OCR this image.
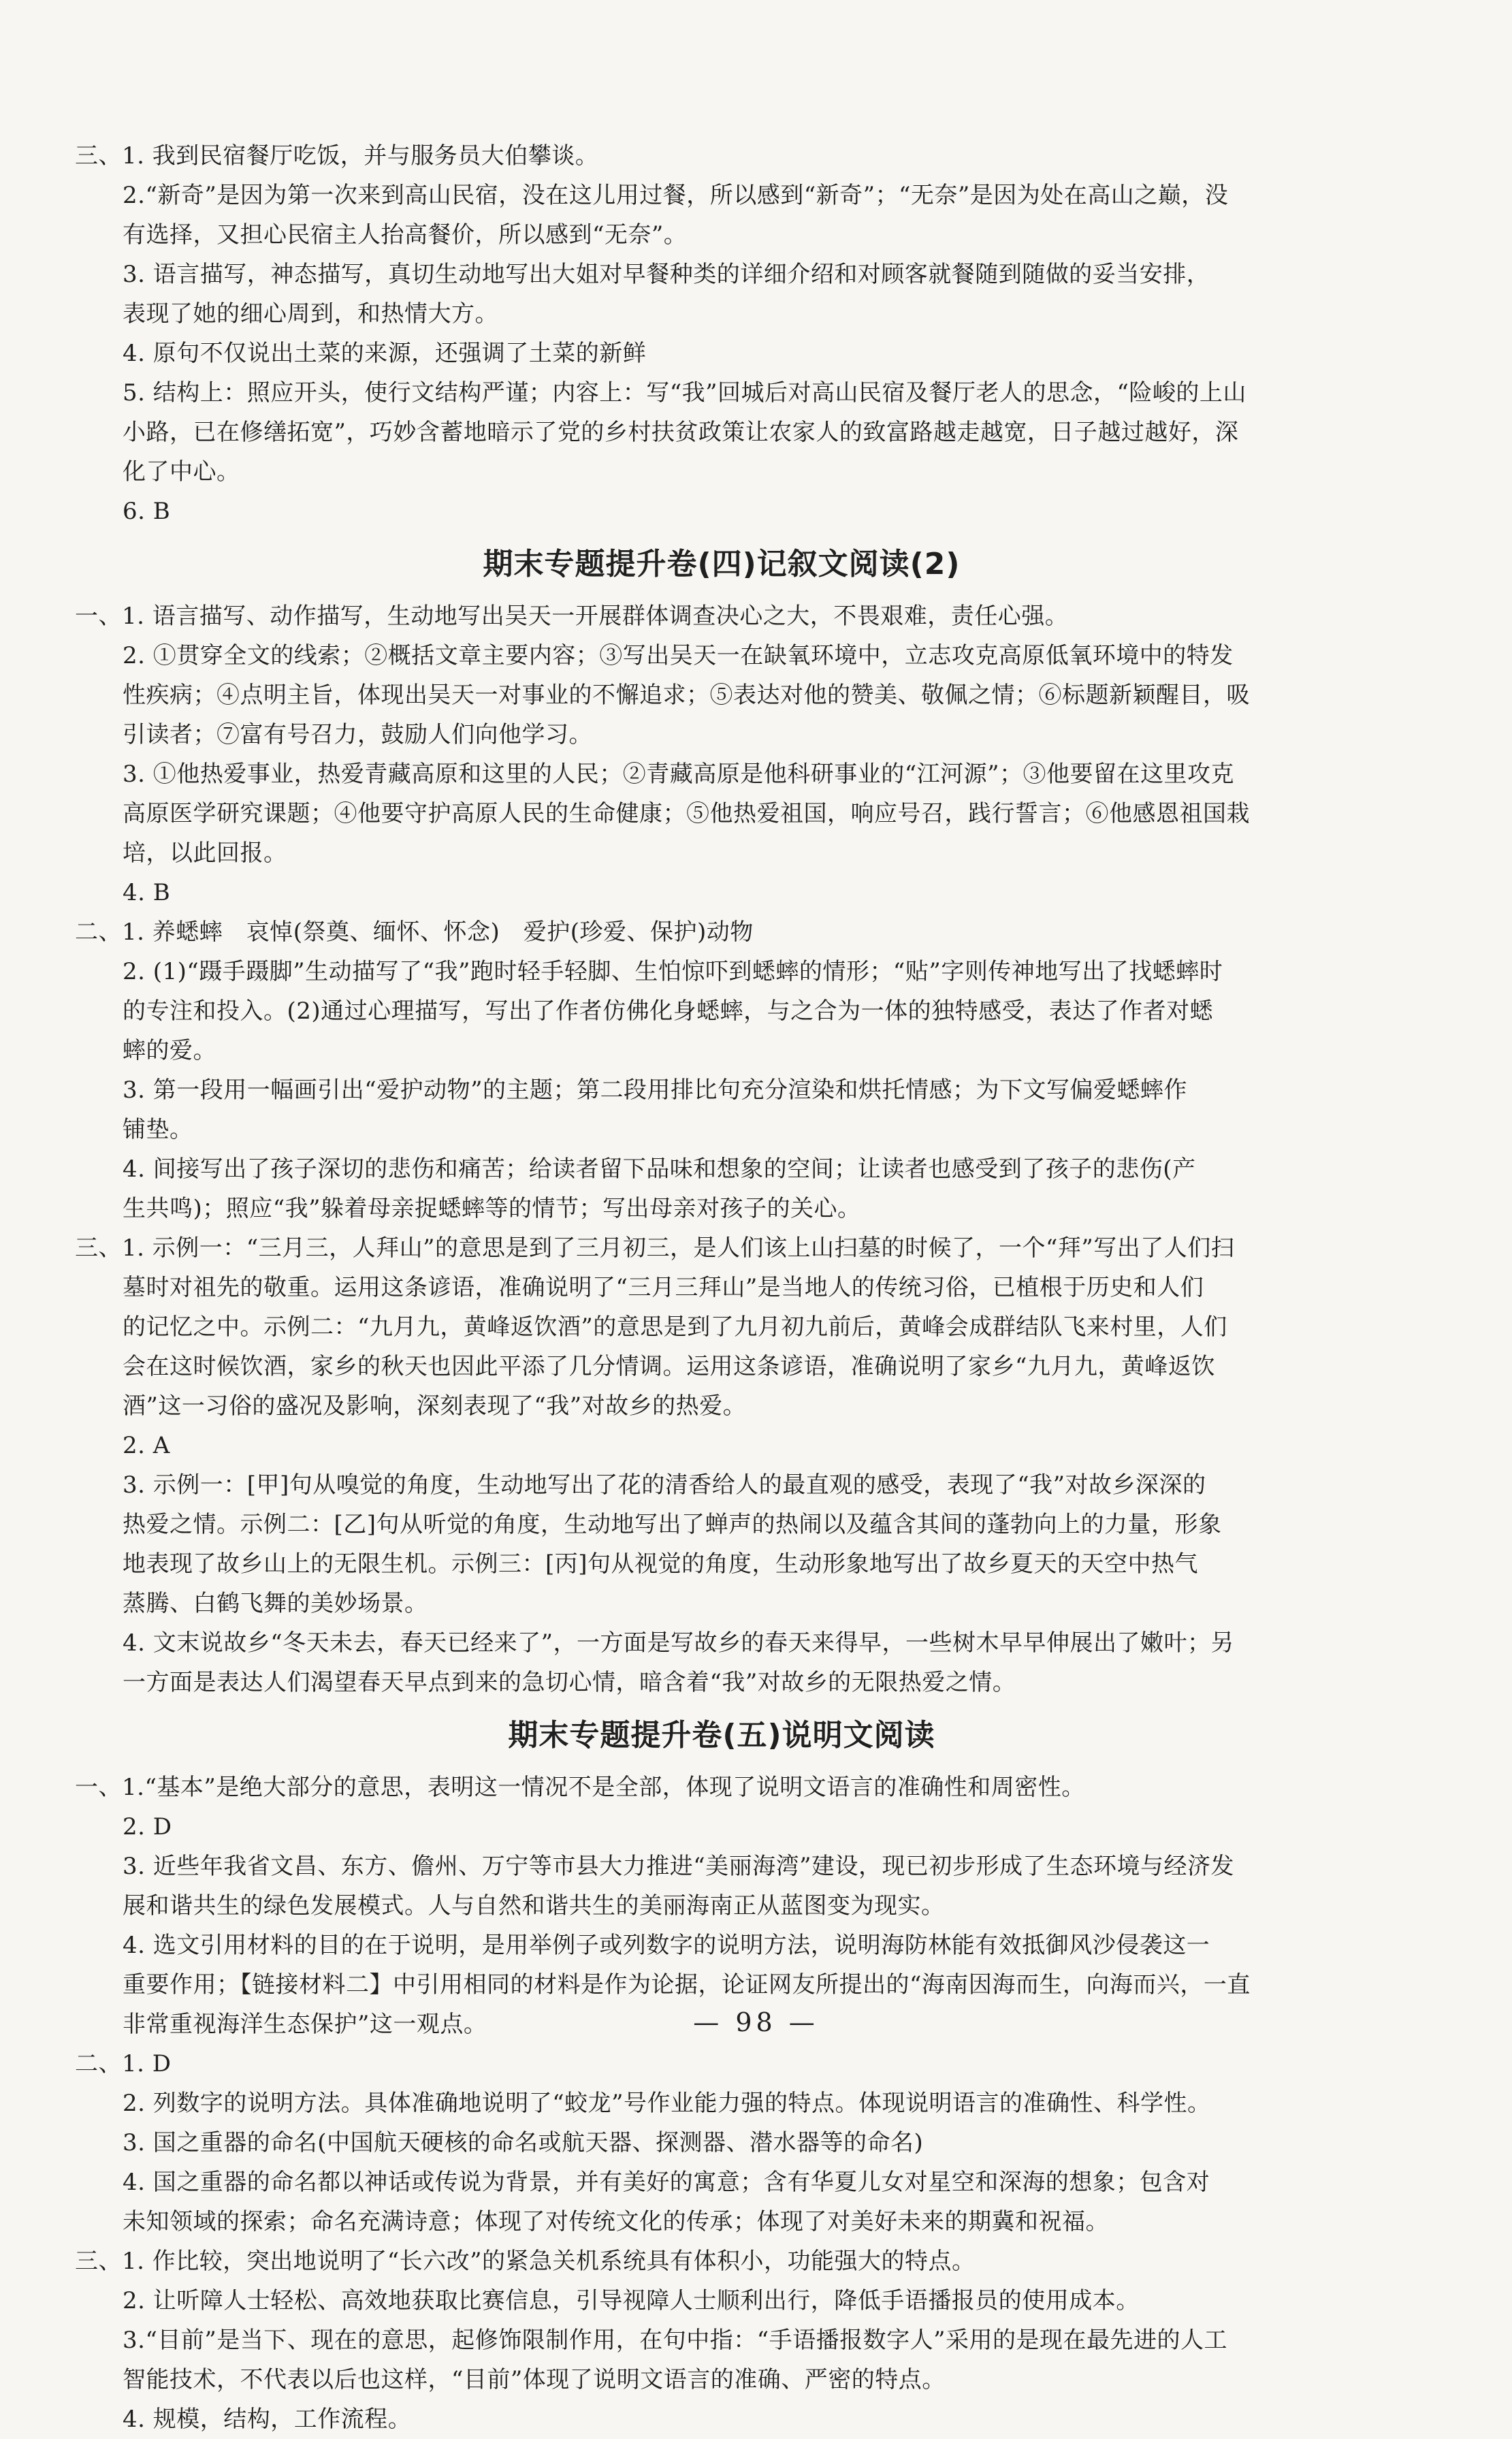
三、1. 我到民宿餐厅吃饭，并与服务员大伯攀谈。
2.“新奇”是因为第一次来到高山民宿，没在这儿用过餐，所以感到“新奇”；“无奈”是因为处在高山之巅，没
有选择，又担心民宿主人抬高餐价，所以感到“无奈”。
3. 语言描写，神态描写，真切生动地写出大姐对早餐种类的详细介绍和对顾客就餐随到随做的妥当安排，
表现了她的细心周到，和热情大方。
4. 原句不仅说出土菜的来源，还强调了土菜的新鲜
5. 结构上：照应开头，使行文结构严谨；内容上：写“我”回城后对高山民宿及餐厅老人的思念，“险峻的上山
小路，已在修缮拓宽”，巧妙含蓄地暗示了党的乡村扶贫政策让农家人的致富路越走越宽，日子越过越好，深
化了中心。
6. B
期末专题提升卷(四)记叙文阅读(2)
一、1. 语言描写、动作描写，生动地写出吴天一开展群体调查决心之大，不畏艰难，责任心强。
2. ①贯穿全文的线索；②概括文章主要内容；③写出吴天一在缺氧环境中，立志攻克高原低氧环境中的特发
性疾病；④点明主旨，体现出吴天一对事业的不懈追求；⑤表达对他的赞美、敬佩之情；⑥标题新颖醒目，吸
引读者；⑦富有号召力，鼓励人们向他学习。
3. ①他热爱事业，热爱青藏高原和这里的人民；②青藏高原是他科研事业的“江河源”；③他要留在这里攻克
高原医学研究课题；④他要守护高原人民的生命健康；⑤他热爱祖国，响应号召，践行誓言；⑥他感恩祖国栽
培，以此回报。
4. B
二、1. 养蟋蟀　哀悼(祭奠、缅怀、怀念)　爱护(珍爱、保护)动物
2. (1)“蹑手蹑脚”生动描写了“我”跑时轻手轻脚、生怕惊吓到蟋蟀的情形；“贴”字则传神地写出了找蟋蟀时
的专注和投入。(2)通过心理描写，写出了作者仿佛化身蟋蟀，与之合为一体的独特感受，表达了作者对蟋
蟀的爱。
3. 第一段用一幅画引出“爱护动物”的主题；第二段用排比句充分渲染和烘托情感；为下文写偏爱蟋蟀作
铺垫。
4. 间接写出了孩子深切的悲伤和痛苦；给读者留下品味和想象的空间；让读者也感受到了孩子的悲伤(产
生共鸣)；照应“我”躲着母亲捉蟋蟀等的情节；写出母亲对孩子的关心。
三、1. 示例一：“三月三，人拜山”的意思是到了三月初三，是人们该上山扫墓的时候了，一个“拜”写出了人们扫
墓时对祖先的敬重。运用这条谚语，准确说明了“三月三拜山”是当地人的传统习俗，已植根于历史和人们
的记忆之中。示例二：“九月九，黄峰返饮酒”的意思是到了九月初九前后，黄峰会成群结队飞来村里，人们
会在这时候饮酒，家乡的秋天也因此平添了几分情调。运用这条谚语，准确说明了家乡“九月九，黄峰返饮
酒”这一习俗的盛况及影响，深刻表现了“我”对故乡的热爱。
2. A
3. 示例一：[甲]句从嗅觉的角度，生动地写出了花的清香给人的最直观的感受，表现了“我”对故乡深深的
热爱之情。示例二：[乙]句从听觉的角度，生动地写出了蝉声的热闹以及蕴含其间的蓬勃向上的力量，形象
地表现了故乡山上的无限生机。示例三：[丙]句从视觉的角度，生动形象地写出了故乡夏天的天空中热气
蒸腾、白鹤飞舞的美妙场景。
4. 文末说故乡“冬天未去，春天已经来了”，一方面是写故乡的春天来得早，一些树木早早伸展出了嫩叶；另
一方面是表达人们渴望春天早点到来的急切心情，暗含着“我”对故乡的无限热爱之情。
期末专题提升卷(五)说明文阅读
一、1.“基本”是绝大部分的意思，表明这一情况不是全部，体现了说明文语言的准确性和周密性。
2. D
3. 近些年我省文昌、东方、儋州、万宁等市县大力推进“美丽海湾”建设，现已初步形成了生态环境与经济发
展和谐共生的绿色发展模式。人与自然和谐共生的美丽海南正从蓝图变为现实。
4. 选文引用材料的目的在于说明，是用举例子或列数字的说明方法，说明海防林能有效抵御风沙侵袭这一
重要作用；【链接材料二】中引用相同的材料是作为论据，论证网友所提出的“海南因海而生，向海而兴，一直
非常重视海洋生态保护”这一观点。
二、1. D
2. 列数字的说明方法。具体准确地说明了“蛟龙”号作业能力强的特点。体现说明语言的准确性、科学性。
3. 国之重器的命名(中国航天硬核的命名或航天器、探测器、潜水器等的命名)
4. 国之重器的命名都以神话或传说为背景，并有美好的寓意；含有华夏儿女对星空和深海的想象；包含对
未知领域的探索；命名充满诗意；体现了对传统文化的传承；体现了对美好未来的期冀和祝福。
三、1. 作比较，突出地说明了“长六改”的紧急关机系统具有体积小，功能强大的特点。
2. 让听障人士轻松、高效地获取比赛信息，引导视障人士顺利出行，降低手语播报员的使用成本。
3.“目前”是当下、现在的意思，起修饰限制作用，在句中指：“手语播报数字人”采用的是现在最先进的人工
智能技术，不代表以后也这样，“目前”体现了说明文语言的准确、严密的特点。
4. 规模，结构，工作流程。
— 98 —
